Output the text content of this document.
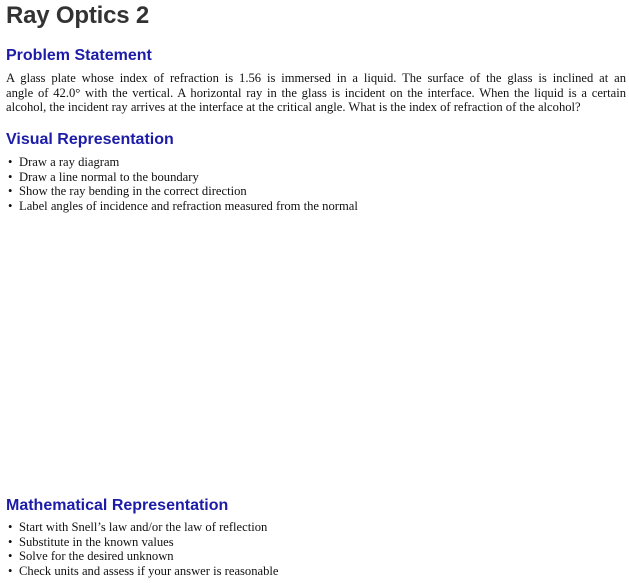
Ray Optics 2
Problem Statement
A glass plate whose index of refraction is 1.56 is immersed in a liquid. The surface of the glass is inclined at an
angle of 42.0° with the vertical. A horizontal ray in the glass is incident on the interface. When the liquid is a certain
alcohol, the incident ray arrives at the interface at the critical angle. What is the index of refraction of the alcohol?
Visual Representation
• Draw a ray diagram
• Draw a line normal to the boundary
• Show the ray bending in the correct direction
• Label angles of incidence and refraction measured from the normal
Mathematical Representation
• Start with Snell’s law and/or the law of reflection
• Substitute in the known values
• Solve for the desired unknown
• Check units and assess if your answer is reasonable
